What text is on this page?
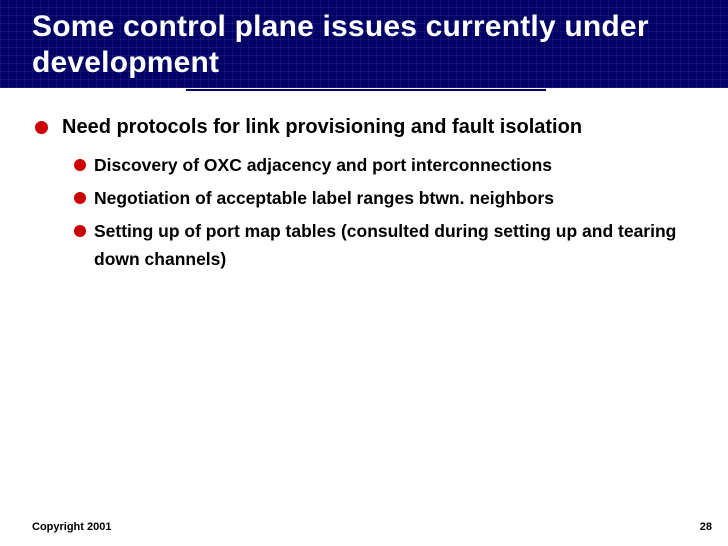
Some control plane issues currently under development
Need protocols for link provisioning and fault isolation
Discovery of OXC adjacency and port interconnections
Negotiation of acceptable label ranges btwn. neighbors
Setting up of port map tables (consulted during setting up and tearing down channels)
Copyright 2001	28
